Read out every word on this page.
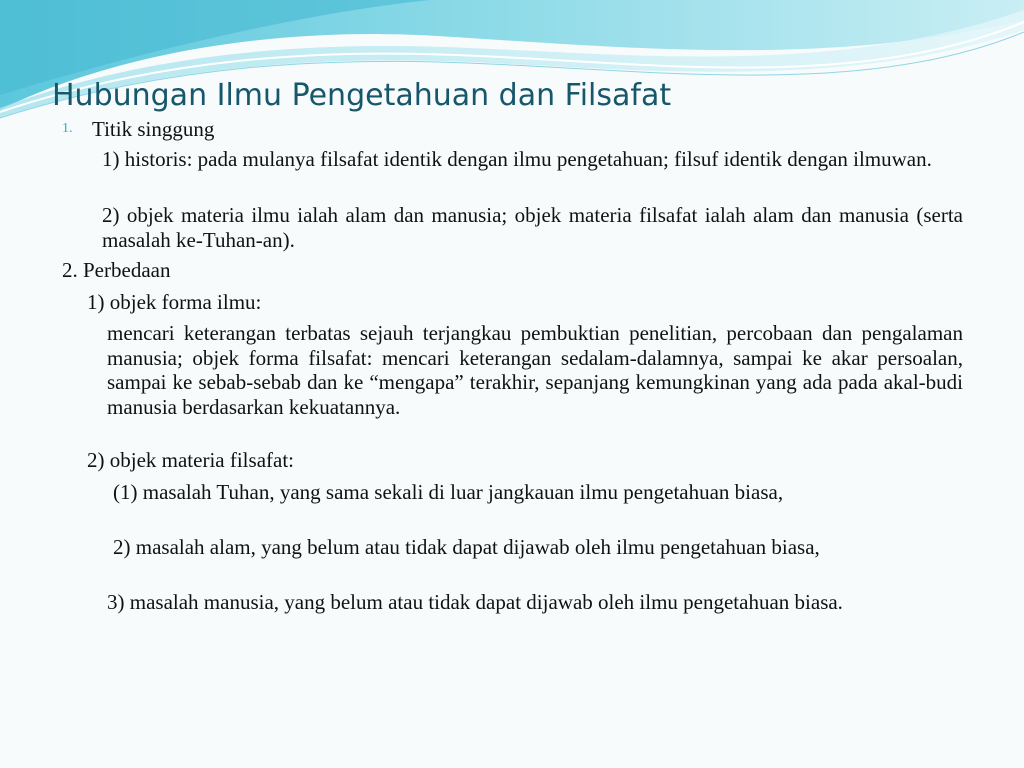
Hubungan Ilmu Pengetahuan dan Filsafat
1. Titik singgung
1) historis: pada mulanya filsafat identik dengan ilmu pengetahuan; filsuf identik dengan ilmuwan.
2) objek materia ilmu ialah alam dan manusia; objek materia filsafat ialah alam dan manusia (serta masalah ke-Tuhan-an).
2. Perbedaan
1) objek forma ilmu:
mencari keterangan terbatas sejauh terjangkau pembuktian penelitian, percobaan dan pengalaman manusia; objek forma filsafat: mencari keterangan sedalam-dalamnya, sampai ke akar persoalan, sampai ke sebab-sebab dan ke “mengapa” terakhir, sepanjang kemungkinan yang ada pada akal-budi manusia berdasarkan kekuatannya.
2) objek materia filsafat:
(1) masalah Tuhan, yang sama sekali di luar jangkauan ilmu pengetahuan biasa,
2) masalah alam, yang belum atau tidak dapat dijawab oleh ilmu pengetahuan biasa,
3) masalah manusia, yang belum atau tidak dapat dijawab oleh ilmu pengetahuan biasa.
